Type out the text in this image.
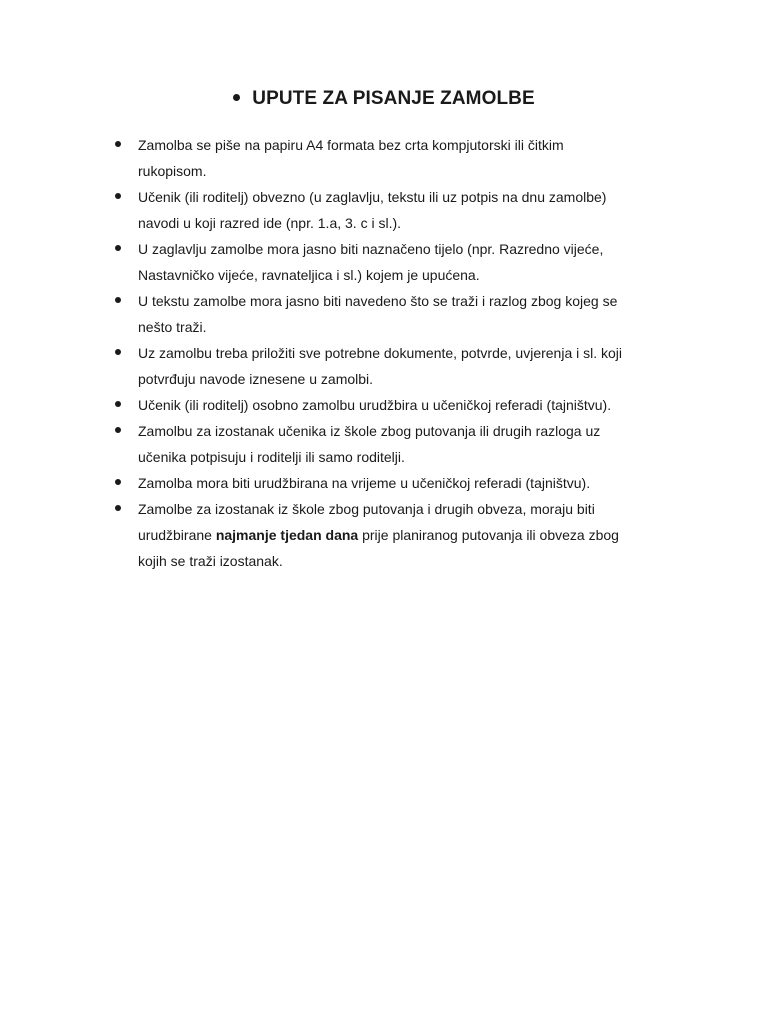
UPUTE ZA PISANJE ZAMOLBE
Zamolba se piše na papiru A4 formata bez crta kompjutorski ili čitkim
rukopisom.
Učenik (ili roditelj) obvezno (u zaglavlju, tekstu ili uz potpis na dnu zamolbe)
navodi u koji razred ide (npr. 1.a, 3. c i sl.).
U zaglavlju zamolbe mora jasno biti naznačeno tijelo (npr. Razredno vijeće,
Nastavničko vijeće, ravnateljica i sl.) kojem je upućena.
U tekstu zamolbe mora jasno biti navedeno što se traži i razlog zbog kojeg se
nešto traži.
Uz zamolbu treba priložiti sve potrebne dokumente, potvrde, uvjerenja i sl. koji
potvrđuju navode iznesene u zamolbi.
Učenik (ili roditelj) osobno zamolbu urudžbira u učeničkoj referadi (tajništvu).
Zamolbu za izostanak učenika iz škole zbog putovanja ili drugih razloga uz
učenika potpisuju i roditelji ili samo roditelji.
Zamolba mora biti urudžbirana na vrijeme u učeničkoj referadi (tajništvu).
Zamolbe za izostanak iz škole zbog putovanja i drugih obveza, moraju biti
urudžbirane najmanje tjedan dana prije planiranog putovanja ili obveza zbog
kojih se traži izostanak.
